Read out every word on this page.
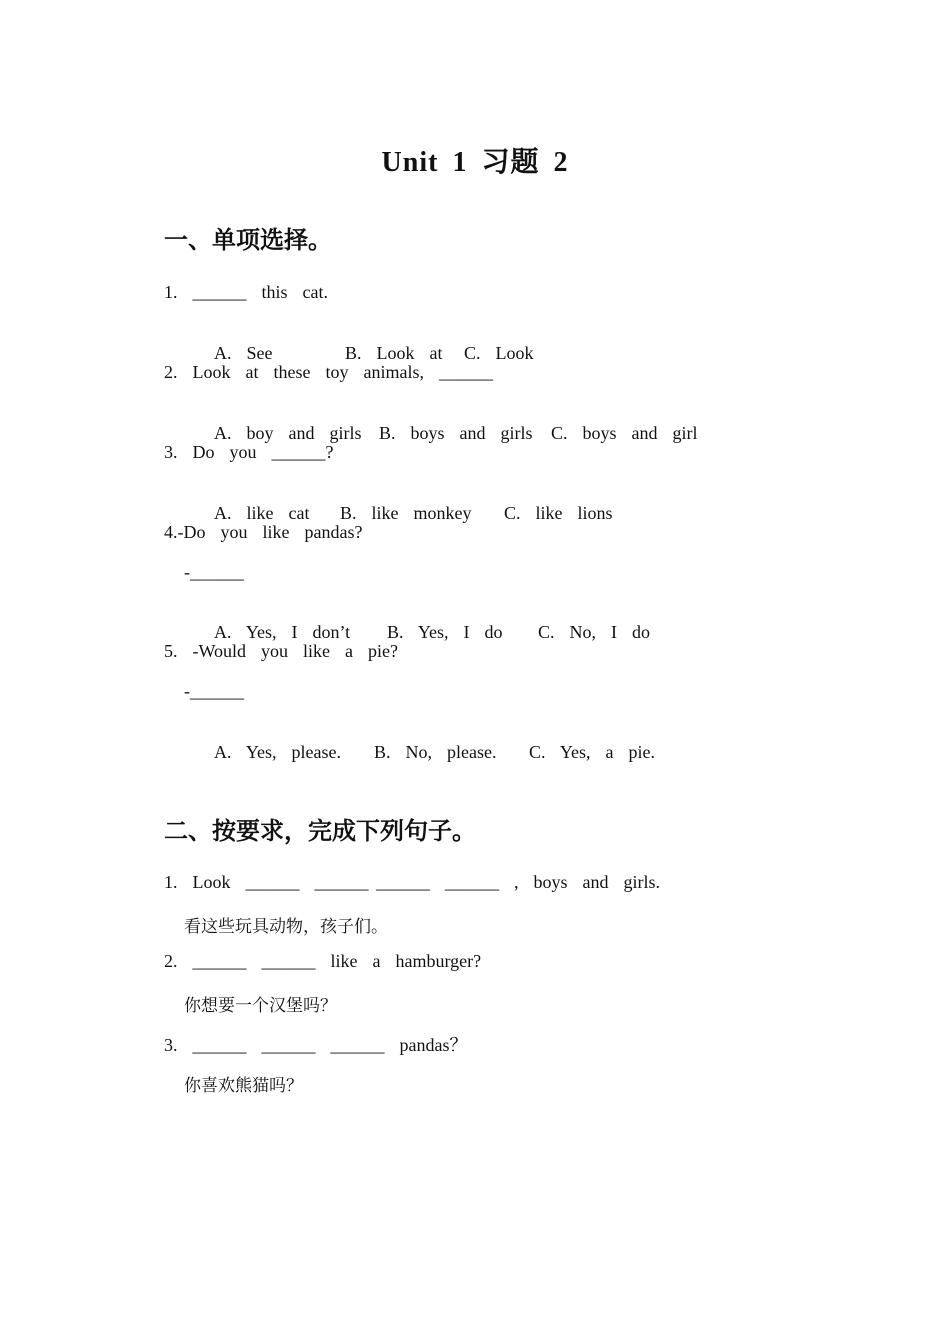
Unit 1 习题 2
一、单项选择。
1.  ______  this  cat.

A.  See	B.  Look  at C.  Look

2.  Look  at  these  toy  animals,  ______

A.  boy  and  girls B.  boys  and  girls C.  boys  and  girl

3.  Do  you  ______?

A.  like  cat B.  like  monkey C.  like  lions

4.-Do  you  like  pandas?
-______

A.  Yes,  I  don’t B.  Yes,  I  do C.  No,  I  do

5.  -Would  you  like  a  pie?
-______

A.  Yes,  please. B.  No,  please. C.  Yes,  a  pie.

二、按要求，完成下列句子。
1.  Look  ______  ______ ______  ______  ,  boys  and  girls.
看这些玩具动物，孩子们。
2.  ______  ______  like  a  hamburger?
你想要一个汉堡吗？
3.  ______  ______  ______  pandas？
你喜欢熊猫吗？
